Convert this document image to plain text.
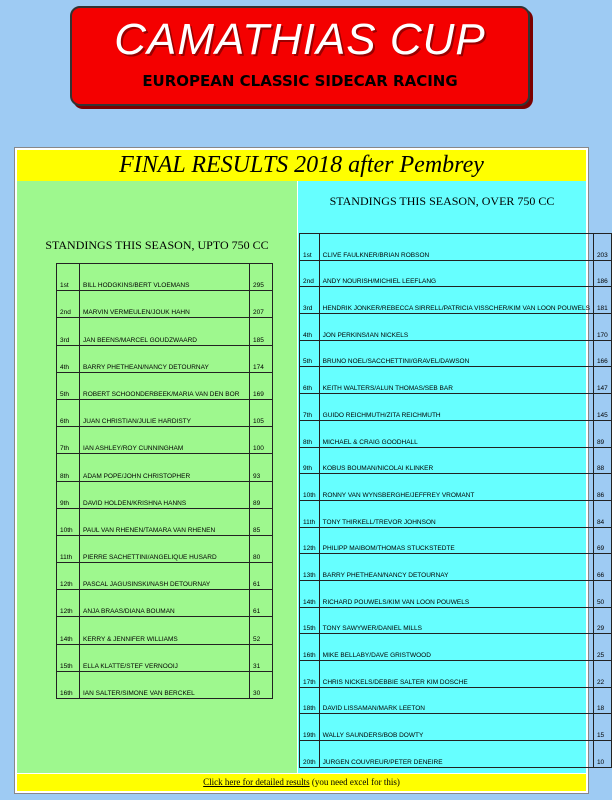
CAMATHIAS CUP
EUROPEAN CLASSIC SIDECAR RACING
FINAL RESULTS 2018 after Pembrey
STANDINGS THIS SEASON, UPTO 750 CC
1st	BILL HODGKINS/BERT VLOEMANS	295
2nd	MARVIN VERMEULEN/JOUK HAHN	207
3rd	JAN BEENS/MARCEL GOUDZWAARD	185
4th	BARRY PHETHEAN/NANCY DETOURNAY	174
5th	ROBERT SCHOONDERBEEK/MARIA VAN DEN BOR	169
6th	JUAN CHRISTIAN/JULIE HARDISTY	105
7th	IAN ASHLEY/ROY CUNNINGHAM	100
8th	ADAM POPE/JOHN CHRISTOPHER	93
9th	DAVID HOLDEN/KRISHNA HANNS	89
10th	PAUL VAN RHENEN/TAMARA VAN RHENEN	85
11th	PIERRE SACHETTINI/ANGELIQUE HUSARD	80
12th	PASCAL JAGUSINSKI/NASH DETOURNAY	61
12th	ANJA BRAAS/DIANA BOUMAN	61
14th	KERRY & JENNIFER WILLIAMS	52
15th	ELLA KLATTE/STEF VERNOOIJ	31
16th	IAN SALTER/SIMONE VAN BERCKEL	30
STANDINGS THIS SEASON, OVER 750 CC
1st	CLIVE FAULKNER/BRIAN ROBSON	203
2nd	ANDY NOURISH/MICHIEL LEEFLANG	186
3rd	HENDRIK JONKER/REBECCA SIRRELL/PATRICIA VISSCHER/KIM VAN LOON POUWELS	181
4th	JON PERKINS/IAN NICKELS	170
5th	BRUNO NOEL/SACCHETTINI/GRAVEL/DAWSON	166
6th	KEITH WALTERS/ALUN THOMAS/SEB BAR	147
7th	GUIDO REICHMUTH/ZITA REICHMUTH	145
8th	MICHAEL & CRAIG GOODHALL	89
9th	KOBUS BOUMAN/NICOLAI KLINKER	88
10th	RONNY VAN WYNSBERGHE/JEFFREY VROMANT	86
11th	TONY THIRKELL/TREVOR JOHNSON	84
12th	PHILIPP MAIBOM/THOMAS STUCKSTEDTE	69
13th	BARRY PHETHEAN/NANCY DETOURNAY	66
14th	RICHARD POUWELS/KIM VAN LOON POUWELS	50
15th	TONY SAWYWER/DANIEL MILLS	29
16th	MIKE BELLABY/DAVE GRISTWOOD	25
17th	CHRIS NICKELS/DEBBIE SALTER KIM DOSCHE	22
18th	DAVID LISSAMAN/MARK LEETON	18
19th	WALLY SAUNDERS/BOB DOWTY	15
20th	JURGEN COUVREUR/PETER DENEIRE	10
Click here for detailed results (you need excel for this)
